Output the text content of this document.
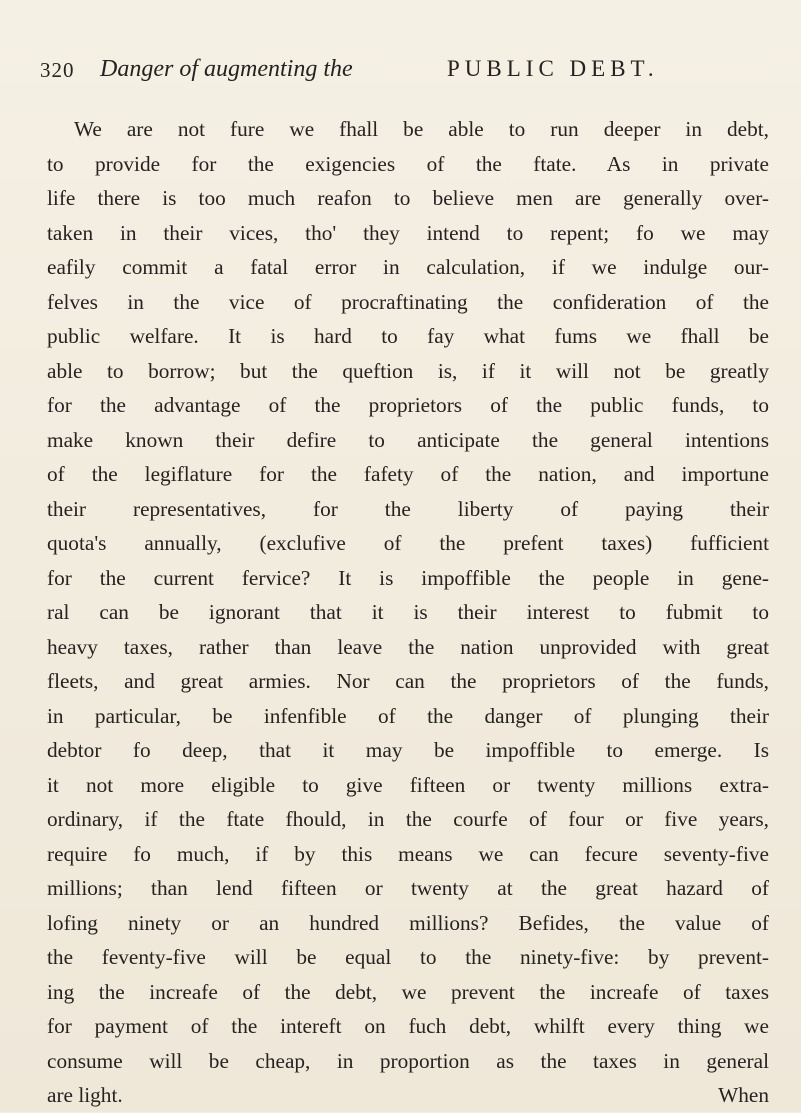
320 Danger of augmenting the	PUBLIC DEBT.
We are not fure we fhall be able to run deeper in debt,
to provide for the exigencies of the ftate. As in private
life there is too much reafon to believe men are generally over-
taken in their vices, tho' they intend to repent; fo we may
eafily commit a fatal error in calculation, if we indulge our-
felves in the vice of procraftinating the confideration of the
public welfare. It is hard to fay what fums we fhall be
able to borrow; but the queftion is, if it will not be greatly
for the advantage of the proprietors of the public funds, to
make known their defire to anticipate the general intentions
of the legiflature for the fafety of the nation, and importune
their representatives, for the liberty of paying their
quota's annually, (exclufive of the prefent taxes) fufficient
for the current fervice? It is impoffible the people in gene-
ral can be ignorant that it is their interest to fubmit to
heavy taxes, rather than leave the nation unprovided with great
fleets, and great armies. Nor can the proprietors of the funds,
in particular, be infenfible of the danger of plunging their
debtor fo deep, that it may be impoffible to emerge. Is
it not more eligible to give fifteen or twenty millions extra-
ordinary, if the ftate fhould, in the courfe of four or five years,
require fo much, if by this means we can fecure seventy-five
millions; than lend fifteen or twenty at the great hazard of
lofing ninety or an hundred millions? Befides, the value of
the feventy-five will be equal to the ninety-five: by prevent-
ing the increafe of the debt, we prevent the increafe of taxes
for payment of the intereft on fuch debt, whilft every thing we
consume will be cheap, in proportion as the taxes in general
are light.	When
